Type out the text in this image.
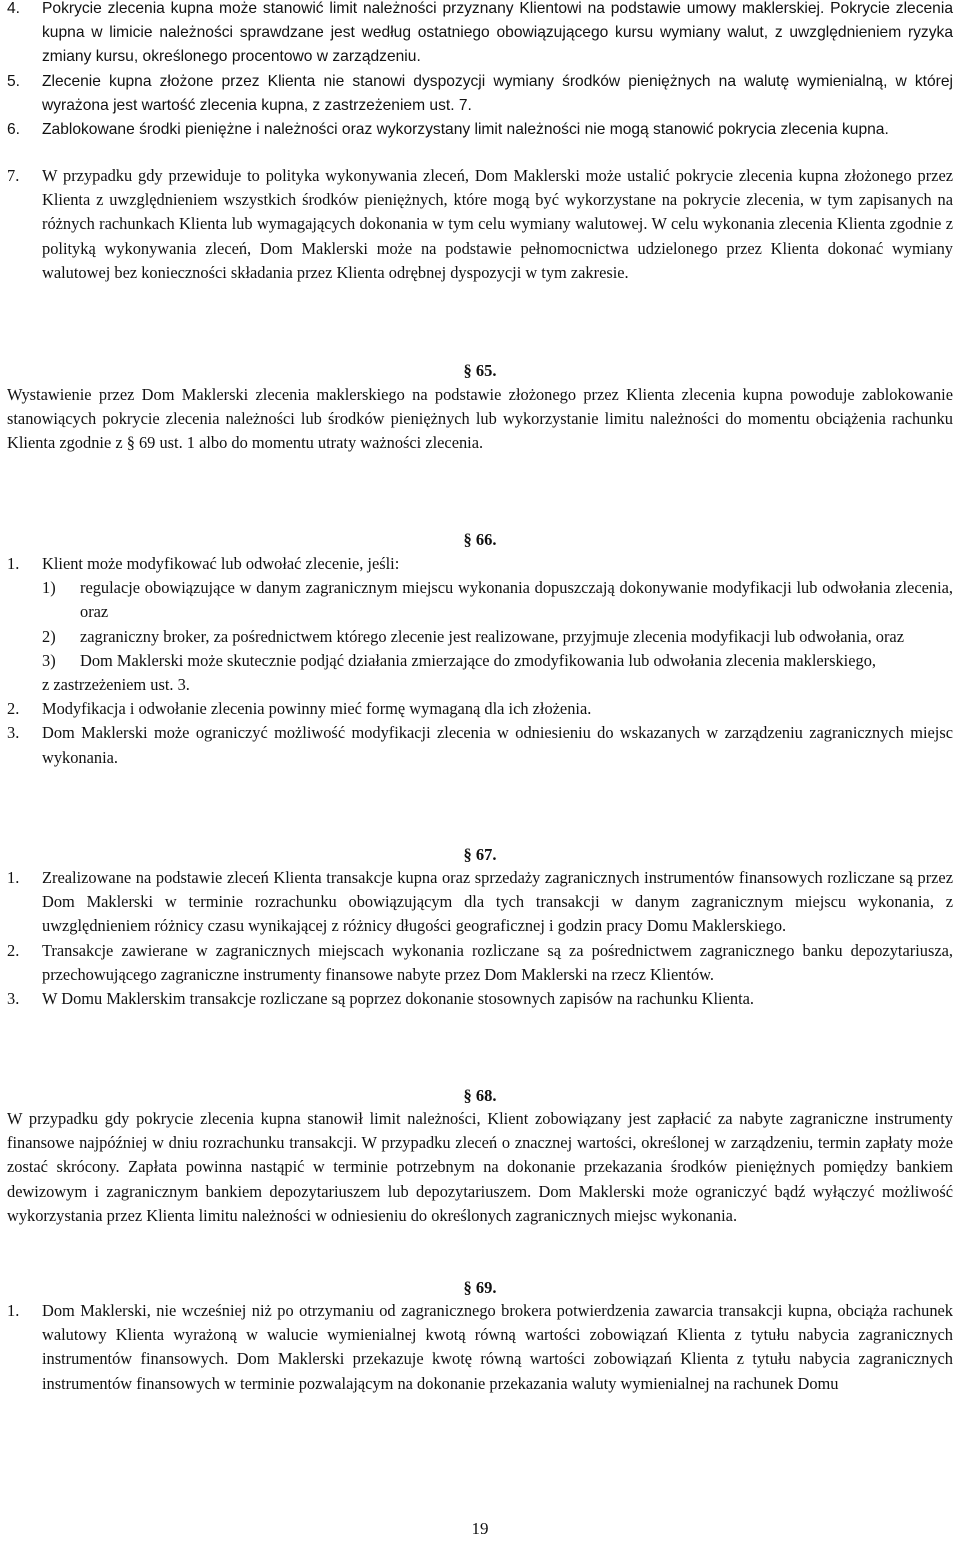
4. Pokrycie zlecenia kupna może stanowić limit należności przyznany Klientowi na podstawie umowy maklerskiej. Pokrycie zlecenia kupna w limicie należności sprawdzane jest według ostatniego obowiązującego kursu wymiany walut, z uwzględnieniem ryzyka zmiany kursu, określonego procentowo w zarządzeniu.
5. Zlecenie kupna złożone przez Klienta nie stanowi dyspozycji wymiany środków pieniężnych na walutę wymienialną, w której wyrażona jest wartość zlecenia kupna, z zastrzeżeniem ust. 7.
6. Zablokowane środki pieniężne i należności oraz wykorzystany limit należności nie mogą stanowić pokrycia zlecenia kupna.
7. W przypadku gdy przewiduje to polityka wykonywania zleceń, Dom Maklerski może ustalić pokrycie zlecenia kupna złożonego przez Klienta z uwzględnieniem wszystkich środków pieniężnych, które mogą być wykorzystane na pokrycie zlecenia, w tym zapisanych na różnych rachunkach Klienta lub wymagających dokonania w tym celu wymiany walutowej. W celu wykonania zlecenia Klienta zgodnie z polityką wykonywania zleceń, Dom Maklerski może na podstawie pełnomocnictwa udzielonego przez Klienta dokonać wymiany walutowej bez konieczności składania przez Klienta odrębnej dyspozycji w tym zakresie.
§ 65.

Wystawienie przez Dom Maklerski zlecenia maklerskiego na podstawie złożonego przez Klienta zlecenia kupna powoduje zablokowanie stanowiących pokrycie zlecenia należności lub środków pieniężnych lub wykorzystanie limitu należności do momentu obciążenia rachunku Klienta zgodnie z § 69 ust. 1 albo do momentu utraty ważności zlecenia.

§ 66.
1. Klient może modyfikować lub odwołać zlecenie, jeśli:
1) regulacje obowiązujące w danym zagranicznym miejscu wykonania dopuszczają dokonywanie modyfikacji lub odwołania zlecenia, oraz
2) zagraniczny broker, za pośrednictwem którego zlecenie jest realizowane, przyjmuje zlecenia modyfikacji lub odwołania, oraz
3) Dom Maklerski może skutecznie podjąć działania zmierzające do zmodyfikowania lub odwołania zlecenia maklerskiego,

z zastrzeżeniem ust. 3.

2. Modyfikacja i odwołanie zlecenia powinny mieć formę wymaganą dla ich złożenia.
3. Dom Maklerski może ograniczyć możliwość modyfikacji zlecenia w odniesieniu do wskazanych w zarządzeniu zagranicznych miejsc wykonania.
§ 67.
1. Zrealizowane na podstawie zleceń Klienta transakcje kupna oraz sprzedaży zagranicznych instrumentów finansowych rozliczane są przez Dom Maklerski w terminie rozrachunku obowiązującym dla tych transakcji w danym zagranicznym miejscu wykonania, z uwzględnieniem różnicy czasu wynikającej z różnicy długości geograficznej i godzin pracy Domu Maklerskiego.
2. Transakcje zawierane w zagranicznych miejscach wykonania rozliczane są za pośrednictwem zagranicznego banku depozytariusza, przechowującego zagraniczne instrumenty finansowe nabyte przez Dom Maklerski na rzecz Klientów.
3. W Domu Maklerskim transakcje rozliczane są poprzez dokonanie stosownych zapisów na rachunku Klienta.
§ 68.

W przypadku gdy pokrycie zlecenia kupna stanowił limit należności, Klient zobowiązany jest zapłacić za nabyte zagraniczne instrumenty finansowe najpóźniej w dniu rozrachunku transakcji. W przypadku zleceń o znacznej wartości, określonej w zarządzeniu, termin zapłaty może zostać skrócony. Zapłata powinna nastąpić w terminie potrzebnym na dokonanie przekazania środków pieniężnych pomiędzy bankiem dewizowym i zagranicznym bankiem depozytariuszem lub depozytariuszem. Dom Maklerski może ograniczyć bądź wyłączyć możliwość wykorzystania przez Klienta limitu należności w odniesieniu do określonych zagranicznych miejsc wykonania.

§ 69.
1. Dom Maklerski, nie wcześniej niż po otrzymaniu od zagranicznego brokera potwierdzenia zawarcia transakcji kupna, obciąża rachunek walutowy Klienta wyrażoną w walucie wymienialnej kwotą równą wartości zobowiązań Klienta z tytułu nabycia zagranicznych instrumentów finansowych. Dom Maklerski przekazuje kwotę równą wartości zobowiązań Klienta z tytułu nabycia zagranicznych instrumentów finansowych w terminie pozwalającym na dokonanie przekazania waluty wymienialnej na rachunek Domu
19
